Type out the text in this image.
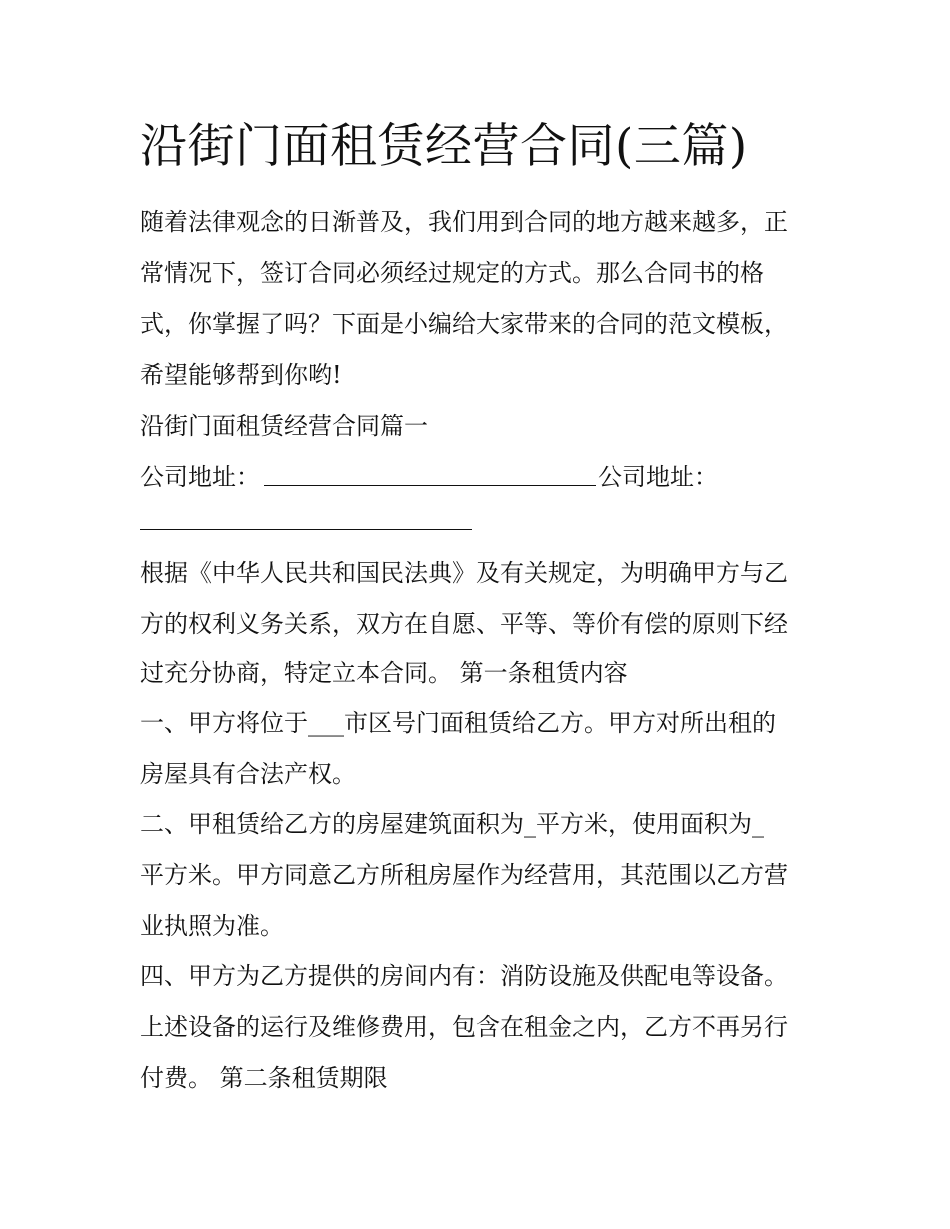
沿街门面租赁经营合同(三篇)
随着法律观念的日渐普及，我们用到合同的地方越来越多，正
常情况下，签订合同必须经过规定的方式。那么合同书的格
式，你掌握了吗？下面是小编给大家带来的合同的范文模板，
希望能够帮到你哟!
沿街门面租赁经营合同篇一
公司地址：	公司地址：
根据《中华人民共和国民法典》及有关规定，为明确甲方与乙
方的权利义务关系，双方在自愿、平等、等价有偿的原则下经
过充分协商，特定立本合同。 第一条租赁内容
一、甲方将位于___市区号门面租赁给乙方。甲方对所出租的
房屋具有合法产权。
二、甲租赁给乙方的房屋建筑面积为_平方米，使用面积为_
平方米。甲方同意乙方所租房屋作为经营用，其范围以乙方营
业执照为准。
四、甲方为乙方提供的房间内有：消防设施及供配电等设备。
上述设备的运行及维修费用，包含在租金之内，乙方不再另行
付费。 第二条租赁期限
